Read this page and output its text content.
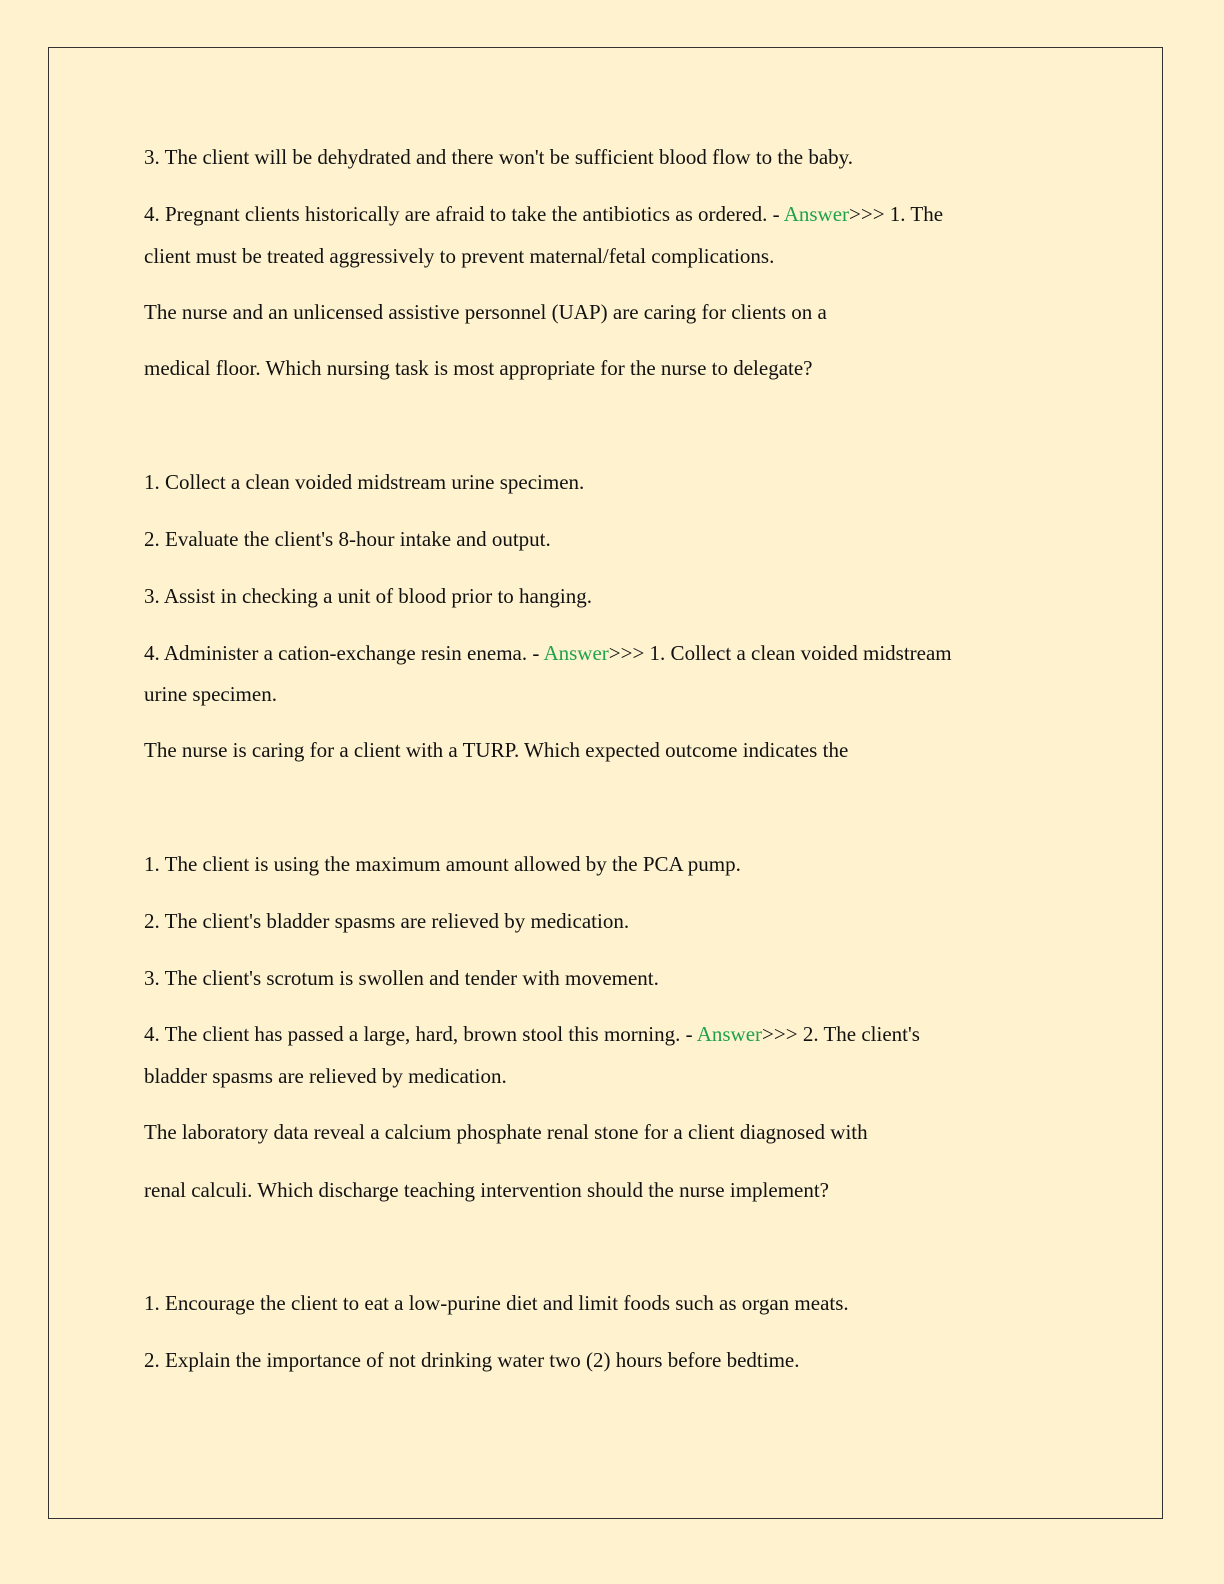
3. The client will be dehydrated and there won't be sufficient blood flow to the baby.

4. Pregnant clients historically are afraid to take the antibiotics as ordered. - Answer>>> 1. The

client must be treated aggressively to prevent maternal/fetal complications.

The nurse and an unlicensed assistive personnel (UAP) are caring for clients on a

medical floor. Which nursing task is most appropriate for the nurse to delegate?

1. Collect a clean voided midstream urine specimen.

2. Evaluate the client's 8-hour intake and output.

3. Assist in checking a unit of blood prior to hanging.

4. Administer a cation-exchange resin enema. - Answer>>> 1. Collect a clean voided midstream

urine specimen.

The nurse is caring for a client with a TURP. Which expected outcome indicates the

1. The client is using the maximum amount allowed by the PCA pump.

2. The client's bladder spasms are relieved by medication.

3. The client's scrotum is swollen and tender with movement.

4. The client has passed a large, hard, brown stool this morning. - Answer>>> 2. The client's

bladder spasms are relieved by medication.

The laboratory data reveal a calcium phosphate renal stone for a client diagnosed with

renal calculi. Which discharge teaching intervention should the nurse implement?

1. Encourage the client to eat a low-purine diet and limit foods such as organ meats.

2. Explain the importance of not drinking water two (2) hours before bedtime.
